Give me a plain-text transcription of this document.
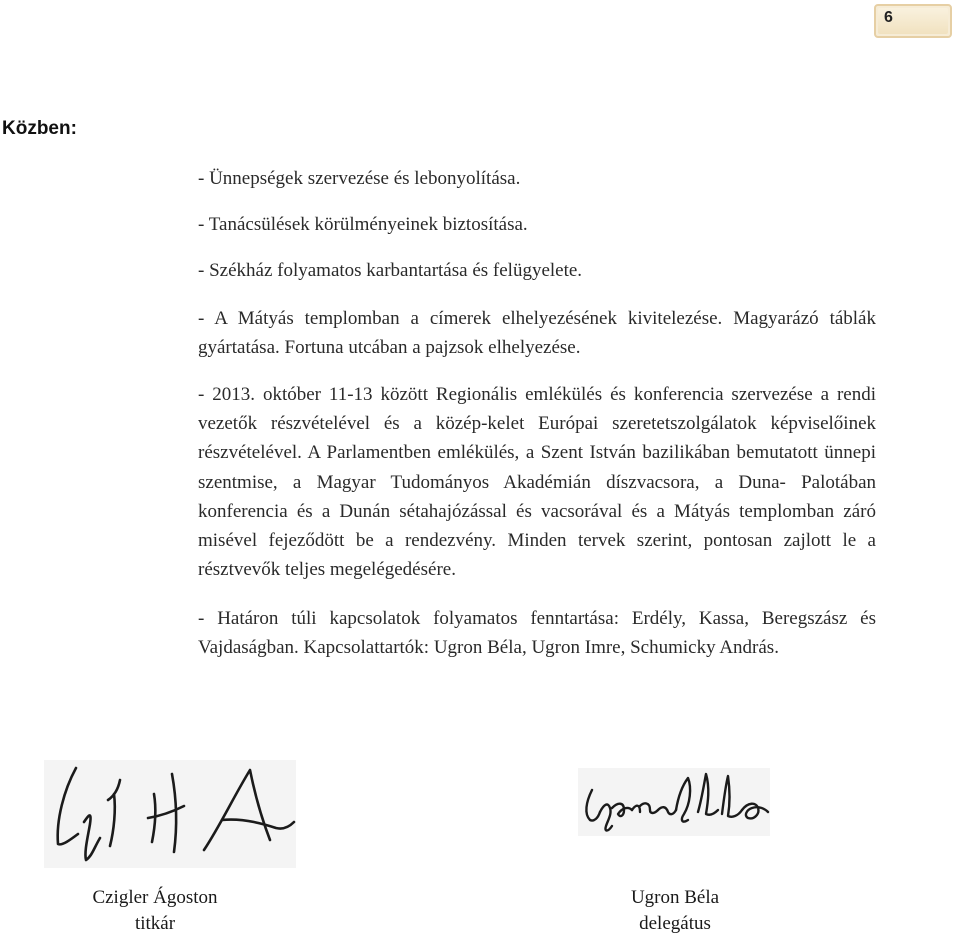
6
Közben:

- Ünnepségek szervezése és lebonyolítása.

- Tanácsülések körülményeinek biztosítása.

- Székház folyamatos karbantartása és felügyelete.

- A Mátyás templomban a címerek elhelyezésének kivitelezése. Magyarázó táblák gyártatása. Fortuna utcában a pajzsok elhelyezése.

- 2013. október 11-13 között Regionális emlékülés és konferencia szervezése a rendi vezetők részvételével és a közép-kelet Európai szeretetszolgálatok képviselőinek részvételével. A Parlamentben emlékülés, a Szent István bazilikában bemutatott ünnepi szentmise, a Magyar Tudományos Akadémián díszvacsora, a Duna- Palotában konferencia és a Dunán sétahajózással és vacsorával és a Mátyás templomban záró misével fejeződött be a rendezvény. Minden tervek szerint, pontosan zajlott le a résztvevők teljes megelégedésére.

- Határon túli kapcsolatok folyamatos fenntartása: Erdély, Kassa, Beregszász és Vajdaságban. Kapcsolattartók: Ugron Béla, Ugron Imre, Schumicky András.

Czigler Ágoston
titkár
Ugron Béla
delegátus
